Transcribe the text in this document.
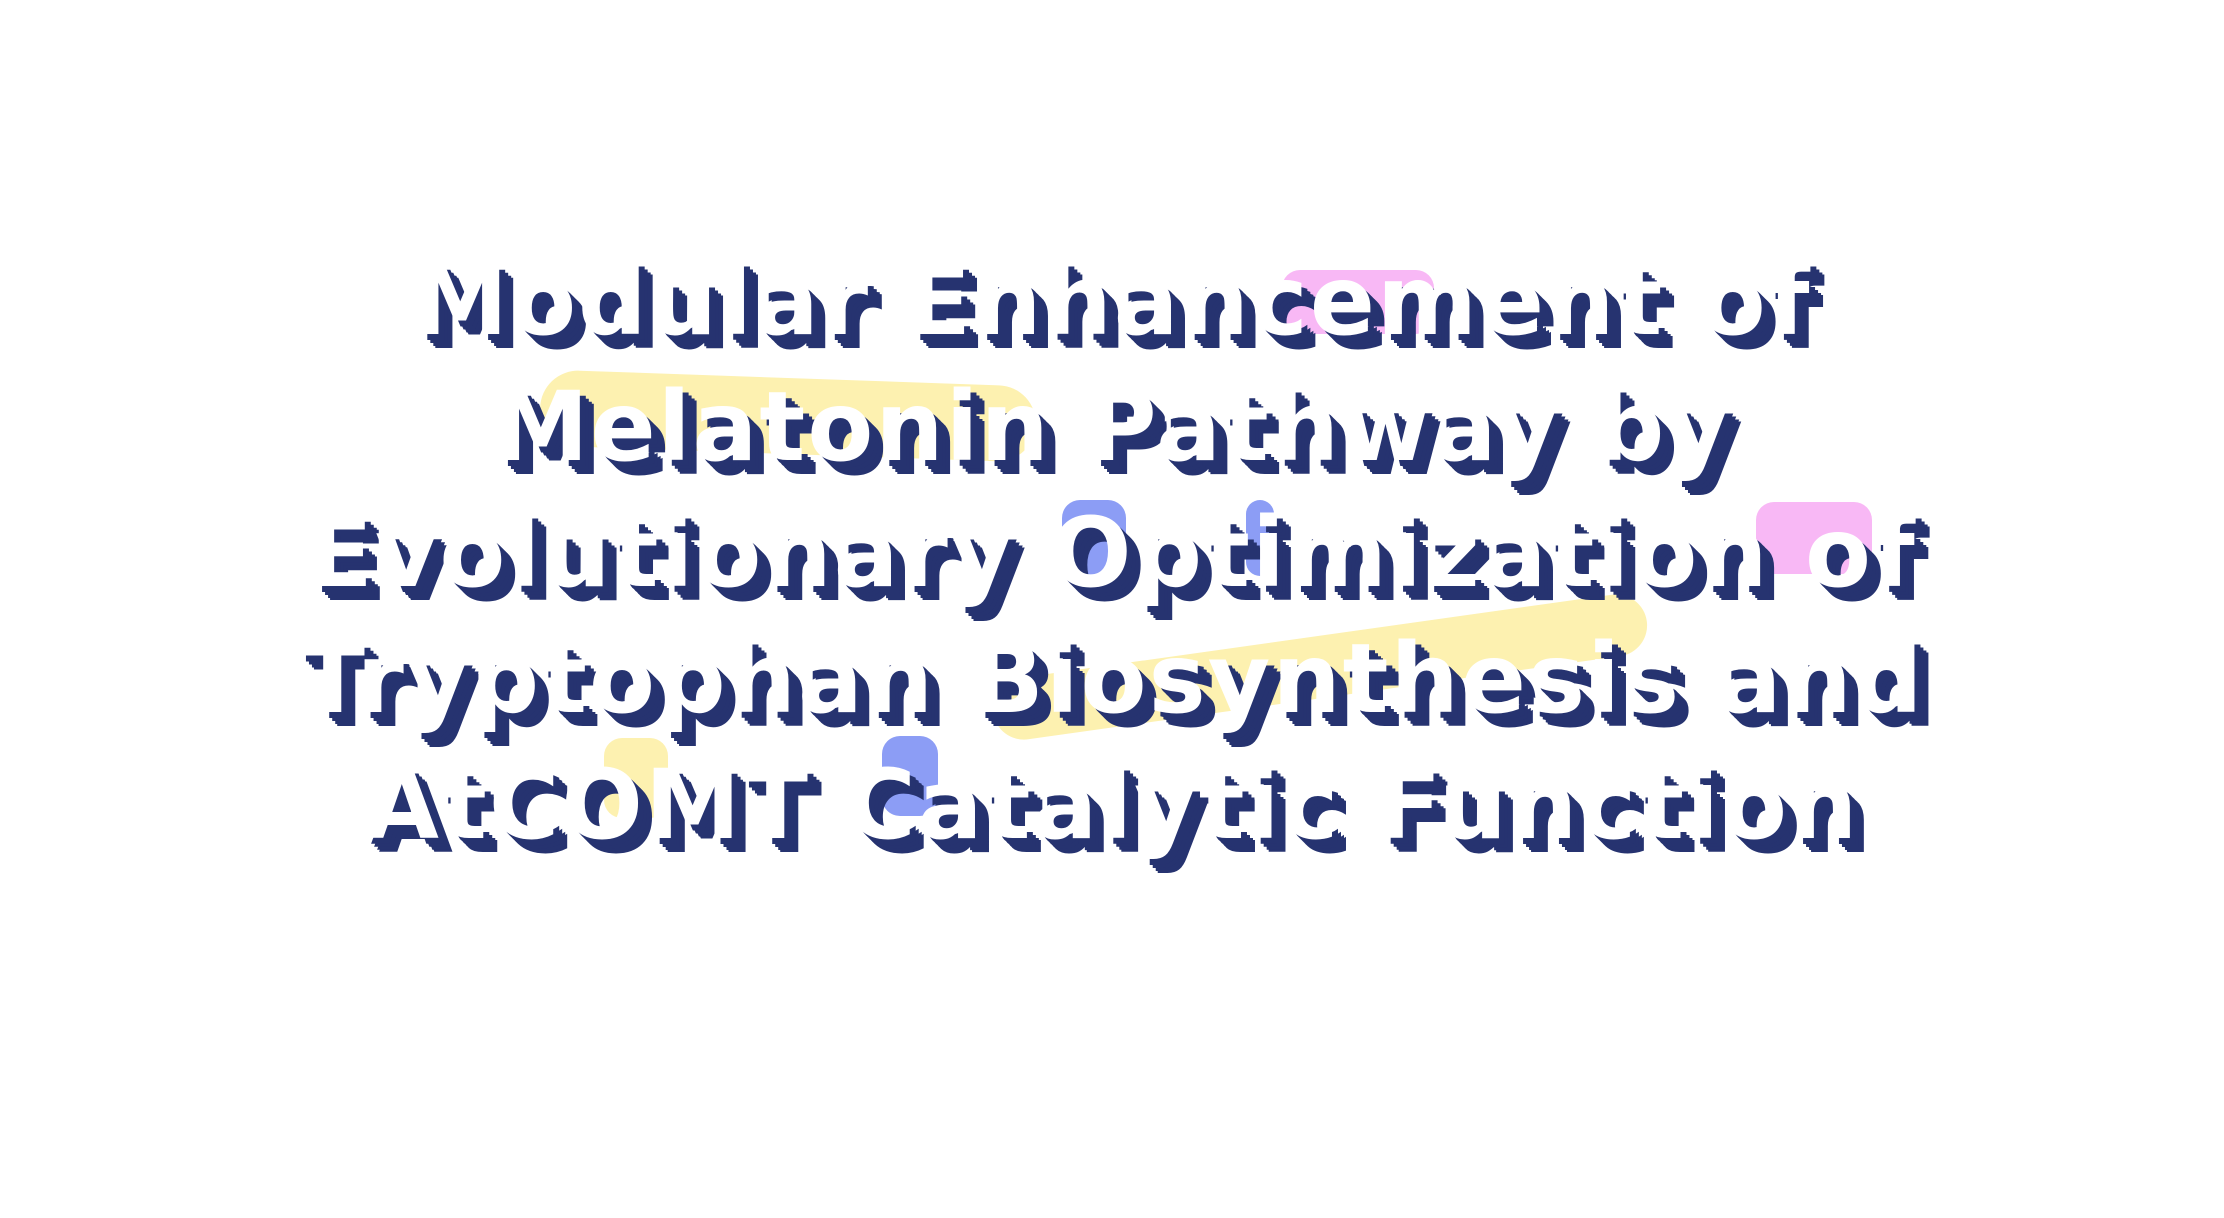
Modular Enhancement of
Melatonin Pathway by
Evolutionary Optimization of
Tryptophan Biosynthesis and
AtCOMT Catalytic Function
